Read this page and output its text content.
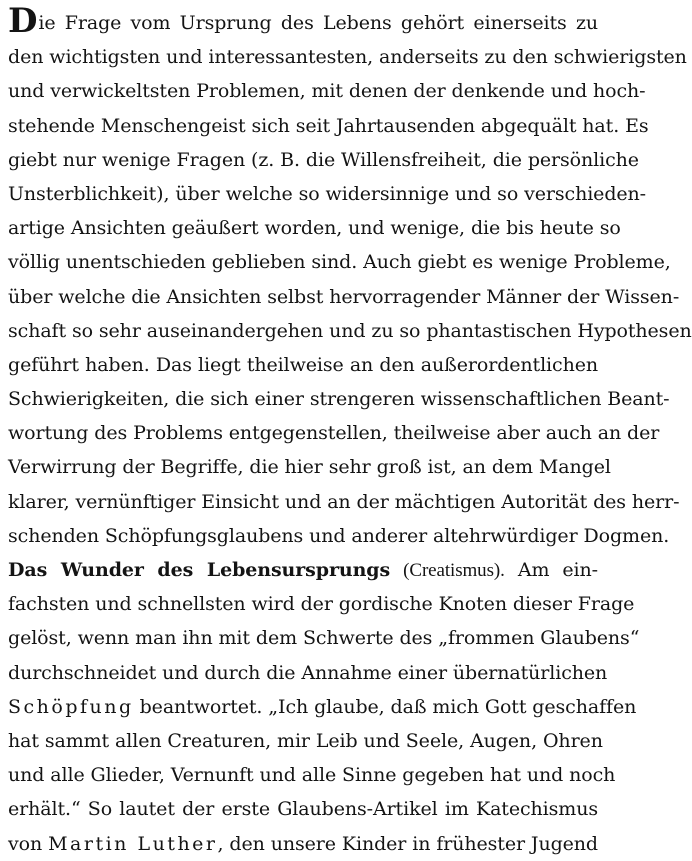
Die Frage vom Ursprung des Lebens gehört einerseits zu
den wichtigsten und interessantesten, anderseits zu den schwierigsten
und verwickeltsten Problemen, mit denen der denkende und hoch-
stehende Menschengeist sich seit Jahrtausenden abgequält hat. Es
giebt nur wenige Fragen (z. B. die Willensfreiheit, die persönliche
Unsterblichkeit), über welche so widersinnige und so verschieden-
artige Ansichten geäußert worden, und wenige, die bis heute so
völlig unentschieden geblieben sind. Auch giebt es wenige Probleme,
über welche die Ansichten selbst hervorragender Männer der Wissen-
schaft so sehr auseinandergehen und zu so phantastischen Hypothesen
geführt haben. Das liegt theilweise an den außerordentlichen
Schwierigkeiten, die sich einer strengeren wissenschaftlichen Beant-
wortung des Problems entgegenstellen, theilweise aber auch an der
Verwirrung der Begriffe, die hier sehr groß ist, an dem Mangel
klarer, vernünftiger Einsicht und an der mächtigen Autorität des herr-
schenden Schöpfungsglaubens und anderer altehrwürdiger Dogmen.
Das Wunder des Lebensursprungs (Creatismus). Am ein-
fachsten und schnellsten wird der gordische Knoten dieser Frage
gelöst, wenn man ihn mit dem Schwerte des „frommen Glaubens“
durchschneidet und durch die Annahme einer übernatürlichen
Schöpfung beantwortet. „Ich glaube, daß mich Gott geschaffen
hat sammt allen Creaturen, mir Leib und Seele, Augen, Ohren
und alle Glieder, Vernunft und alle Sinne gegeben hat und noch
erhält.“ So lautet der erste Glaubens-Artikel im Katechismus
von Martin Luther, den unsere Kinder in frühester Jugend
